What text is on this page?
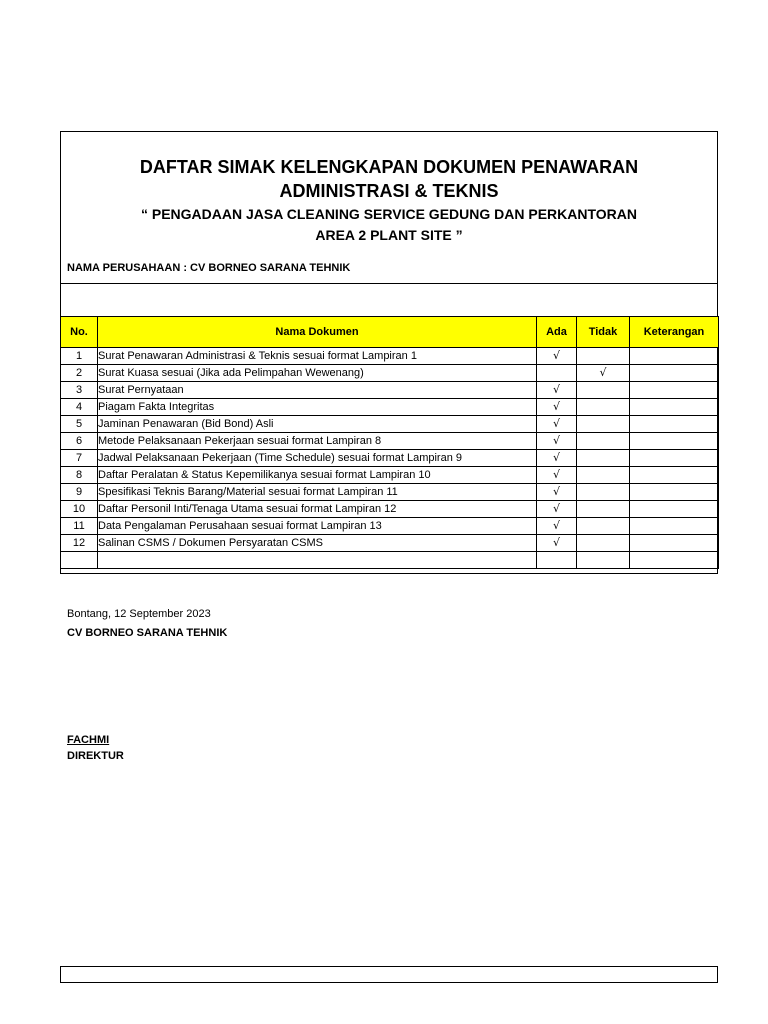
DAFTAR SIMAK KELENGKAPAN DOKUMEN PENAWARAN
ADMINISTRASI & TEKNIS
“ PENGADAAN JASA CLEANING SERVICE GEDUNG DAN PERKANTORAN
AREA 2 PLANT SITE ”
NAMA PERUSAHAAN : CV BORNEO SARANA TEHNIK
No.	Nama Dokumen	Ada	Tidak	Keterangan
1	Surat Penawaran Administrasi & Teknis sesuai format Lampiran 1	√		
2	Surat Kuasa sesuai (Jika ada Pelimpahan Wewenang)		√	
3	Surat Pernyataan	√		
4	Piagam Fakta Integritas	√		
5	Jaminan Penawaran (Bid Bond) Asli	√		
6	Metode Pelaksanaan Pekerjaan sesuai format Lampiran 8	√		
7	Jadwal Pelaksanaan Pekerjaan (Time Schedule) sesuai format Lampiran 9	√		
8	Daftar Peralatan & Status Kepemilikanya sesuai format Lampiran 10	√		
9	Spesifikasi Teknis Barang/Material sesuai format Lampiran 11	√		
10	Daftar Personil Inti/Tenaga Utama sesuai format Lampiran 12	√		
11	Data Pengalaman Perusahaan sesuai format Lampiran 13	√		
12	Salinan CSMS / Dokumen Persyaratan CSMS	√		

Bontang, 12 September 2023
CV BORNEO SARANA TEHNIK
FACHMI
DIREKTUR
